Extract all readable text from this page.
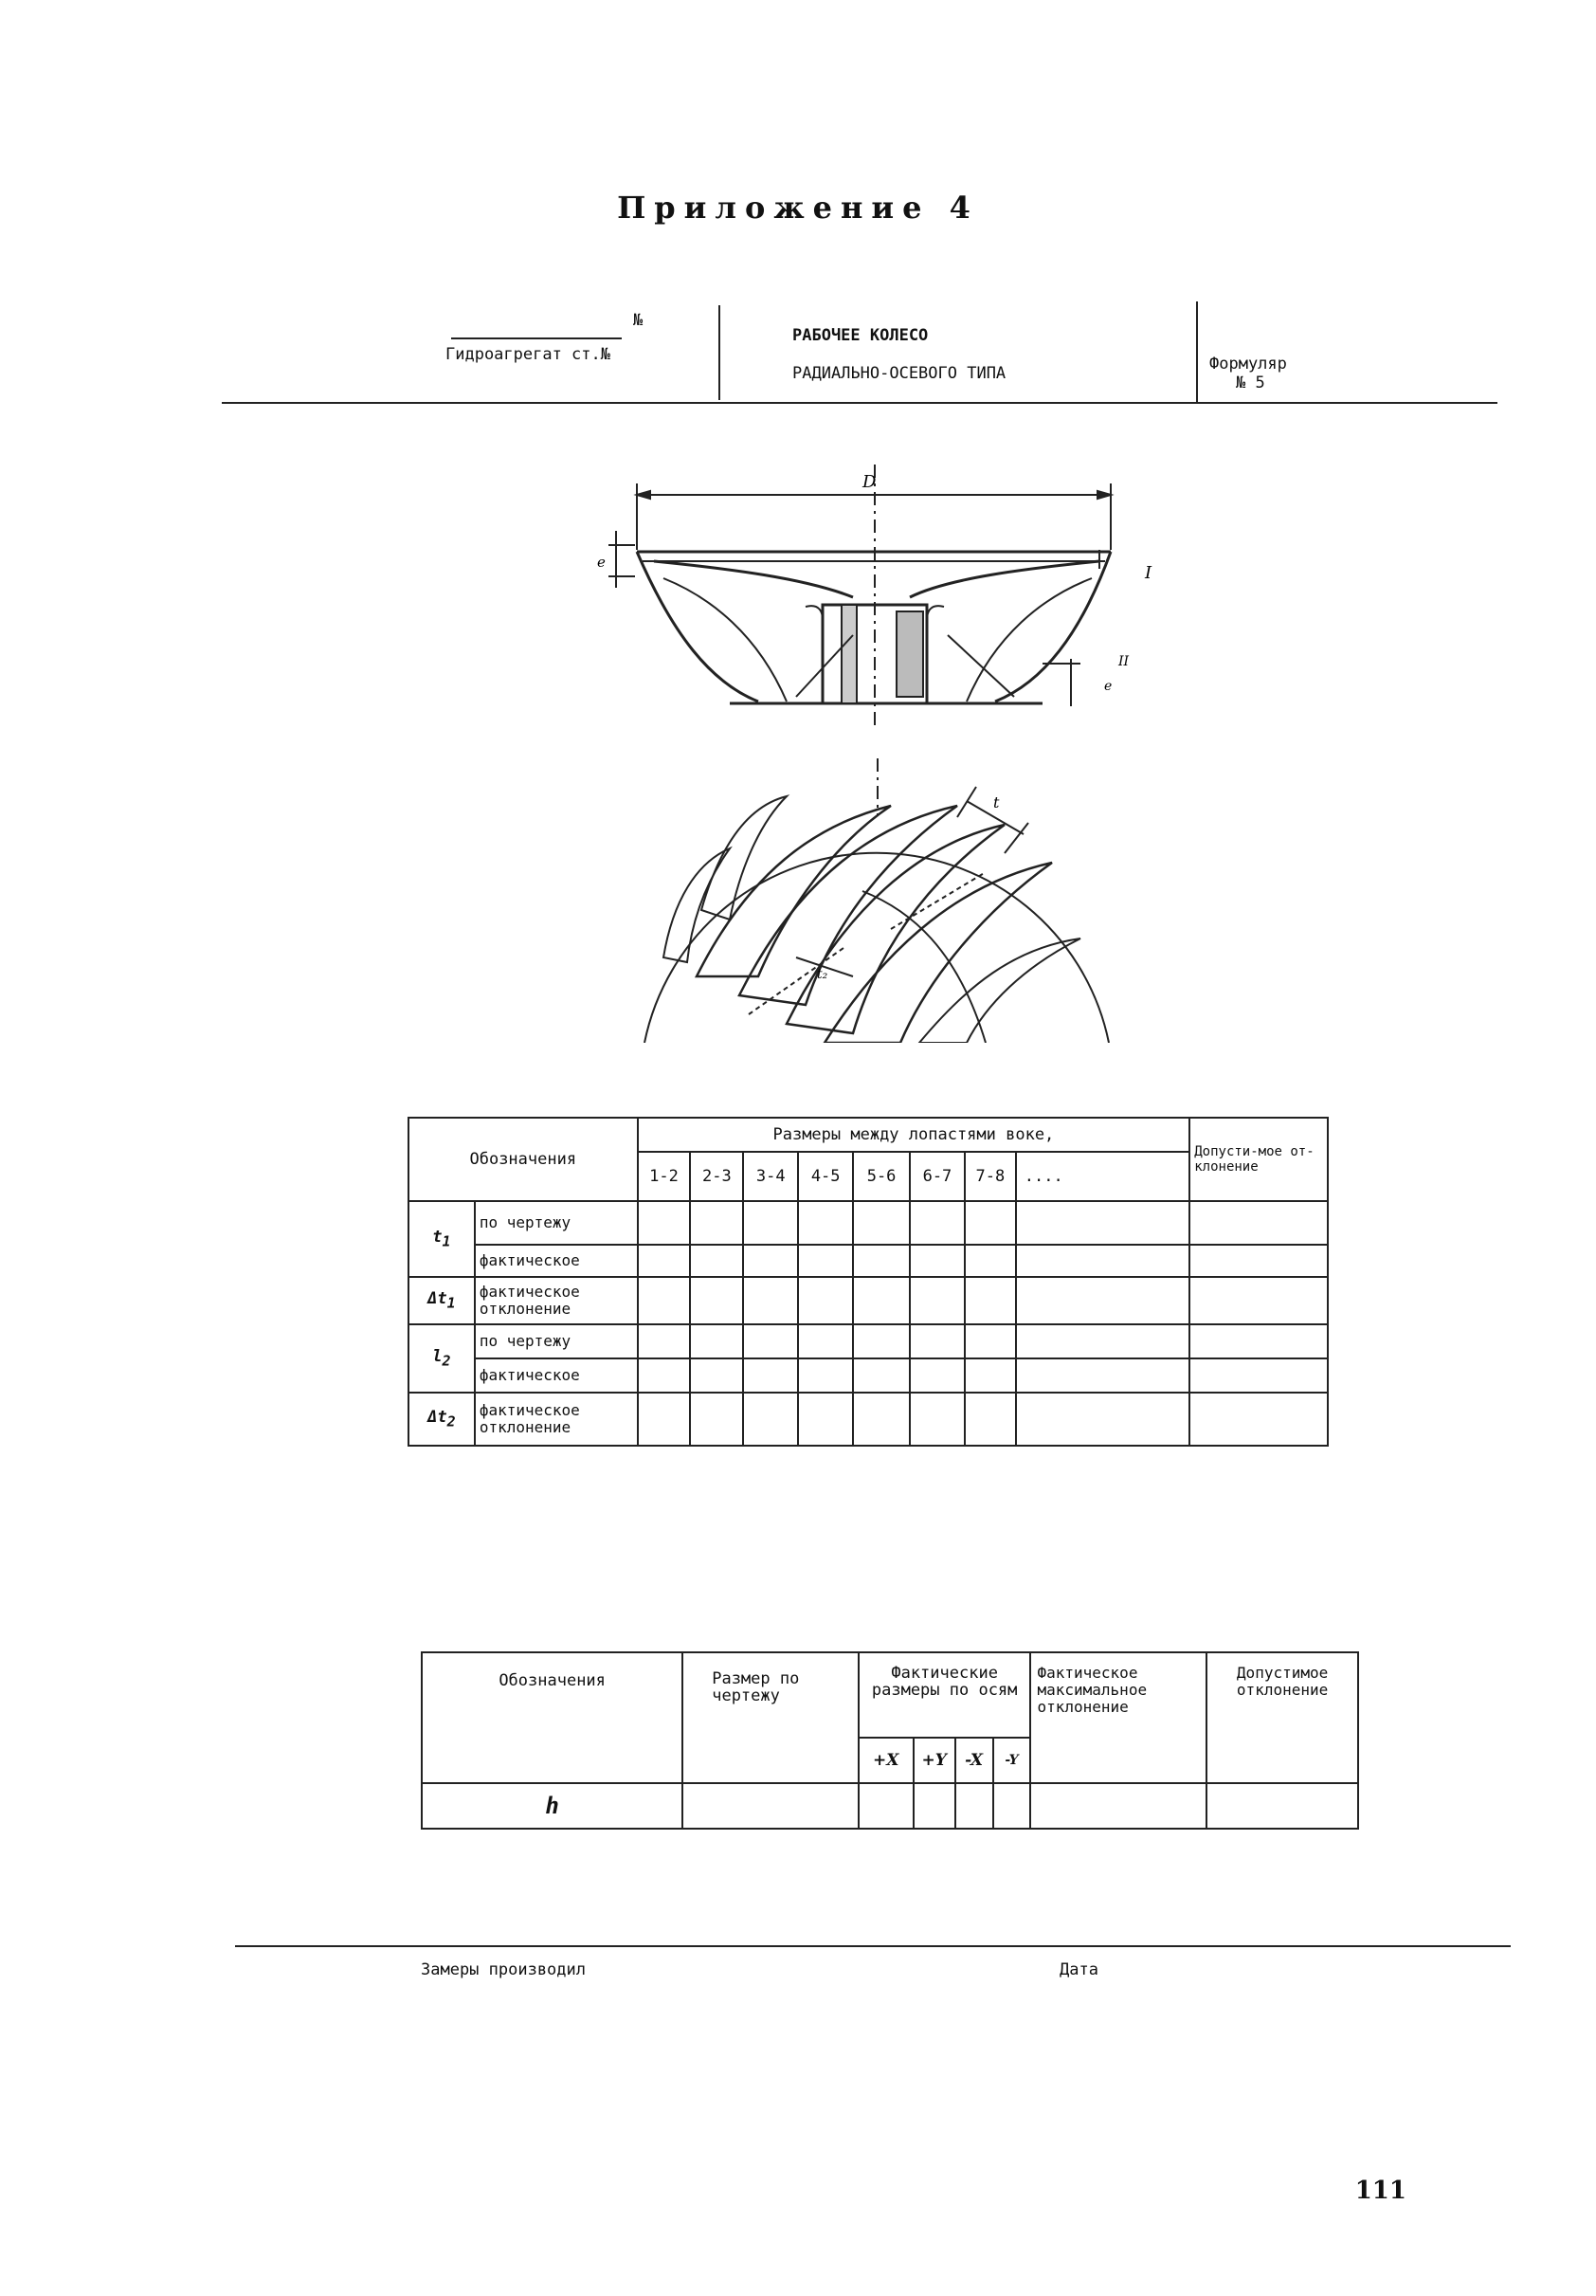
Приложение 4
№
Гидроагрегат ст.№
РАБОЧЕЕ КОЛЕСО
РАДИАЛЬНО-ОСЕВОГО ТИПА	Формуляр
№ 5
D
e
I
e
II
t
t₂
Обозначения		Размеры между лопастями воке,								Допусти-мое от-клонение
		1-2	2-3	3-4	4-5	5-6	6-7	7-8	....	
$t_1$	по чертежу									
	фактическое									
$\Delta t_1$	фактическое отклонение									
$l_2$	по чертежу									
	фактическое									
$\Delta t_2$	фактическое отклонение									
Обозначения	Размер по чертежу	Фактические размеры по осям				Фактическое максимальное отклонение	Допустимое отклонение
		+X	+Y	-X	-Y		
h							
Замеры производил	Дата
111
